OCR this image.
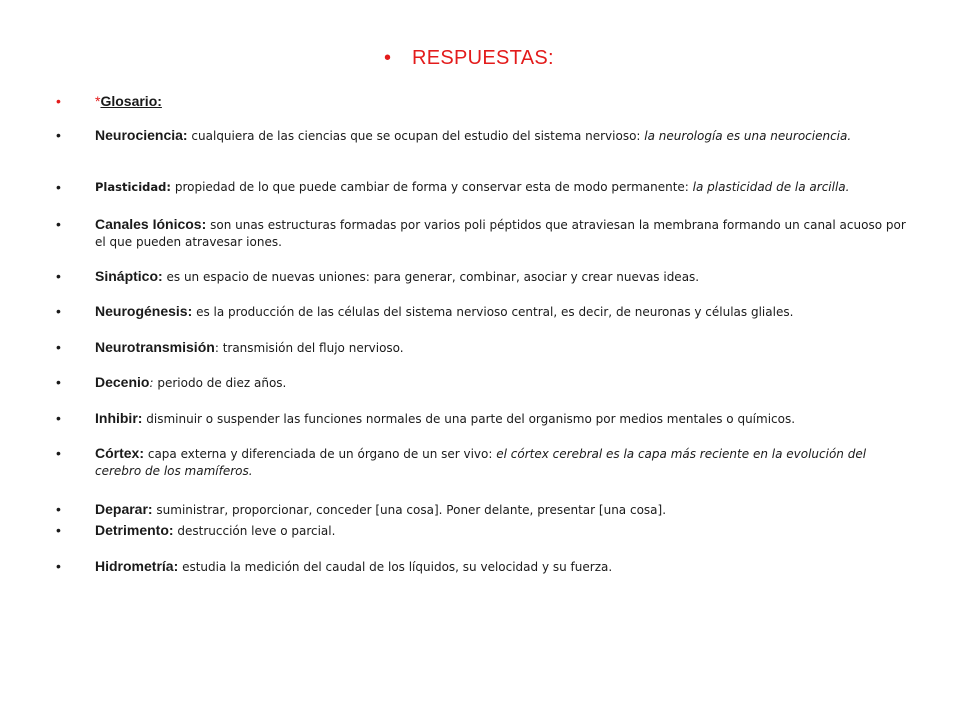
•	RESPUESTAS:
•	*Glosario:
•	Neurociencia: cualquiera de las ciencias que se ocupan del estudio del sistema nervioso: la neurología es una neurociencia.
•	Plasticidad: propiedad de lo que puede cambiar de forma y conservar esta de modo permanente: la plasticidad de la arcilla.
•	Canales Iónicos: son unas estructuras formadas por varios poli péptidos que atraviesan la membrana formando un canal acuoso por el que pueden atravesar iones.
•	Sináptico: es un espacio de nuevas uniones: para generar, combinar, asociar y crear nuevas ideas.
•	Neurogénesis: es la producción de las células del sistema nervioso central, es decir, de neuronas y células gliales.
•	Neurotransmisión: transmisión del flujo nervioso.
•	Decenio: periodo de diez años.
•	Inhibir: disminuir o suspender las funciones normales de una parte del organismo por medios mentales o químicos.
•	Córtex: capa externa y diferenciada de un órgano de un ser vivo: el córtex cerebral es la capa más reciente en la evolución del cerebro de los mamíferos.
•	Deparar: suministrar, proporcionar, conceder [una cosa]. Poner delante, presentar [una cosa].
•	Detrimento: destrucción leve o parcial.
•	Hidrometría: estudia la medición del caudal de los líquidos, su velocidad y su fuerza.
